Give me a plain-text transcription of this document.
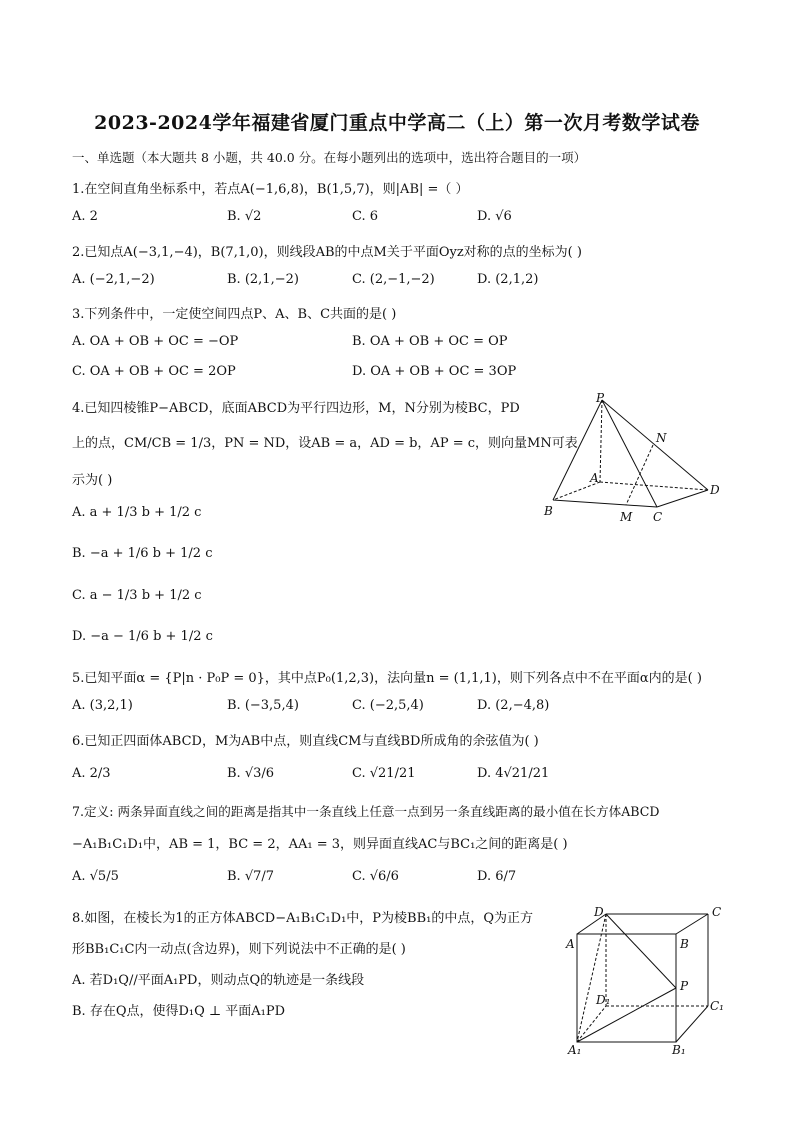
2023-2024学年福建省厦门重点中学高二（上）第一次月考数学试卷
一、单选题（本大题共 8 小题，共 40.0 分。在每小题列出的选项中，选出符合题目的一项）
1.在空间直角坐标系中，若点A(−1,6,8)，B(1,5,7)，则|AB| =（ ）
A. 2	B. √2	C. 6	D. √6
2.已知点A(−3,1,−4)，B(7,1,0)，则线段AB的中点M关于平面Oyz对称的点的坐标为( )
A. (−2,1,−2)	B. (2,1,−2)	C. (2,−1,−2)	D. (2,1,2)
3.下列条件中，一定使空间四点P、A、B、C共面的是( )
A. OA + OB + OC = −OP	B. OA + OB + OC = OP
C. OA + OB + OC = 2OP	D. OA + OB + OC = 3OP
4.已知四棱锥P−ABCD，底面ABCD为平行四边形，M，N分别为棱BC，PD
上的点，CM/CB = 1/3，PN = ND，设AB = a，AD = b，AP = c，则向量MN可表
示为( )
A. a + 1/3 b + 1/2 c
B. −a + 1/6 b + 1/2 c
C. a − 1/3 b + 1/2 c
D. −a − 1/6 b + 1/2 c
P
N
A
D
B	M C
5.已知平面α = {P|n · P₀P = 0}，其中点P₀(1,2,3)，法向量n = (1,1,1)，则下列各点中不在平面α内的是( )
A. (3,2,1)	B. (−3,5,4)	C. (−2,5,4)	D. (2,−4,8)
6.已知正四面体ABCD，M为AB中点，则直线CM与直线BD所成角的余弦值为( )
A. 2/3	B. √3/6	C. √21/21	D. 4√21/21
7.定义: 两条异面直线之间的距离是指其中一条直线上任意一点到另一条直线距离的最小值在长方体ABCD
−A₁B₁C₁D₁中，AB = 1，BC = 2，AA₁ = 3，则异面直线AC与BC₁之间的距离是( )
A. √5/5	B. √7/7	C. √6/6	D. 6/7
8.如图，在棱长为1的正方体ABCD−A₁B₁C₁D₁中，P为棱BB₁的中点，Q为正方
形BB₁C₁C内一动点(含边界)，则下列说法中不正确的是( )
A. 若D₁Q//平面A₁PD，则动点Q的轨迹是一条线段
B. 存在Q点，使得D₁Q ⊥ 平面A₁PD
D	C
A	B
P
D₁	C₁
A₁	B₁
